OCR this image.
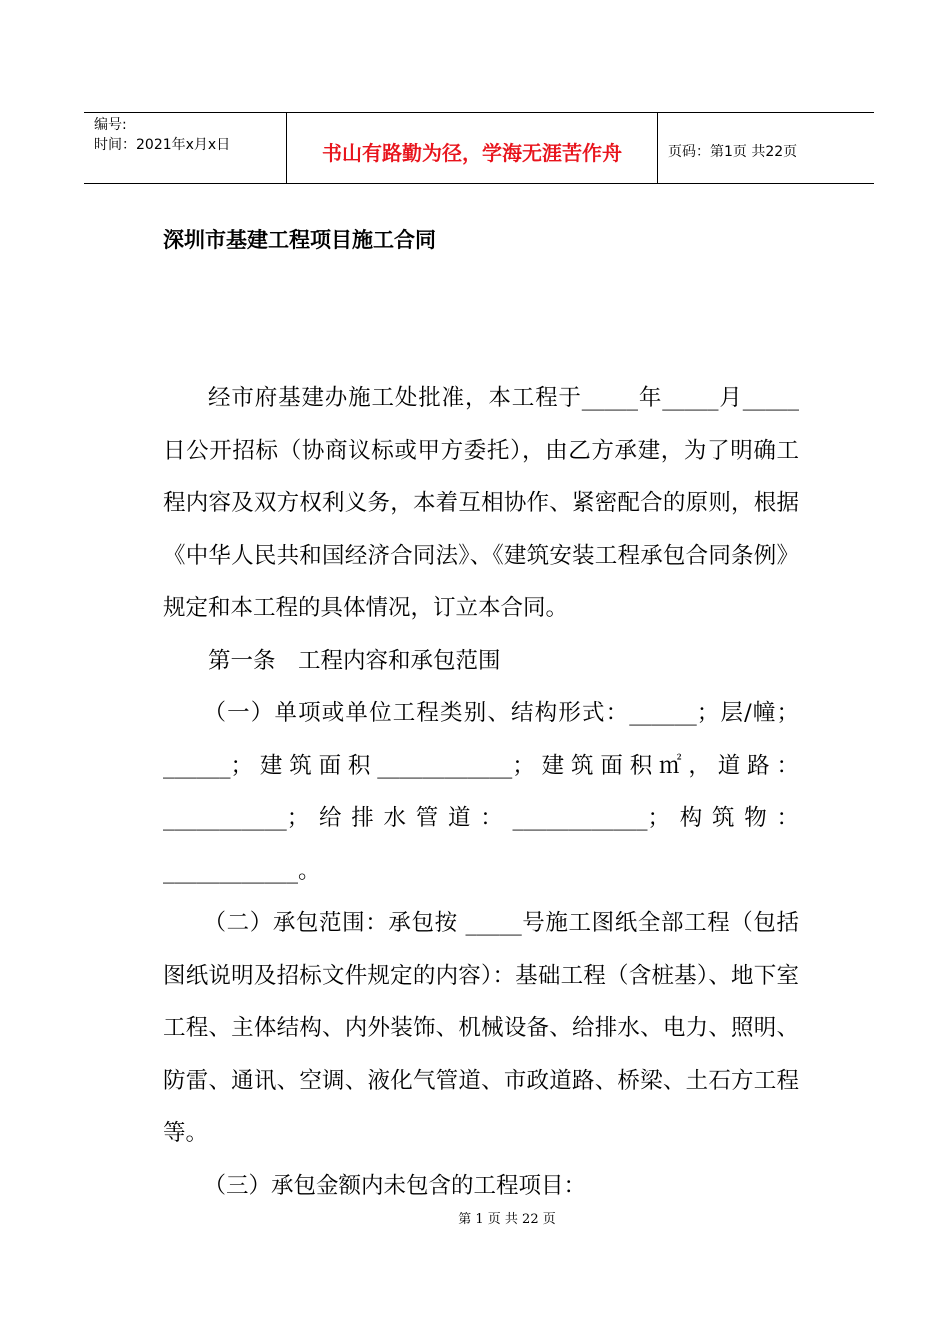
编号:
时间：2021年x月x日	书山有路勤为径，学海无涯苦作舟	页码：第1页 共22页
深圳市基建工程项目施工合同

经市府基建办施工处批准，本工程于_____年_____月_____日公开招标（协商议标或甲方委托），由乙方承建，为了明确工程内容及双方权利义务，本着互相协作、紧密配合的原则，根据《中华人民共和国经济合同法》、《建筑安装工程承包合同条例》规定和本工程的具体情况，订立本合同。

第一条　工程内容和承包范围

（一）单项或单位工程类别、结构形式：______；层/幢；______；建筑面积____________；建筑面积㎡，道路：___________；给排水管道：____________；构筑物：____________。

（二）承包范围：承包按 _____号施工图纸全部工程（包括图纸说明及招标文件规定的内容）：基础工程（含桩基）、地下室工程、主体结构、内外装饰、机械设备、给排水、电力、照明、防雷、通讯、空调、液化气管道、市政道路、桥梁、土石方工程等。

（三）承包金额内未包含的工程项目：

第 1 页 共 22 页
